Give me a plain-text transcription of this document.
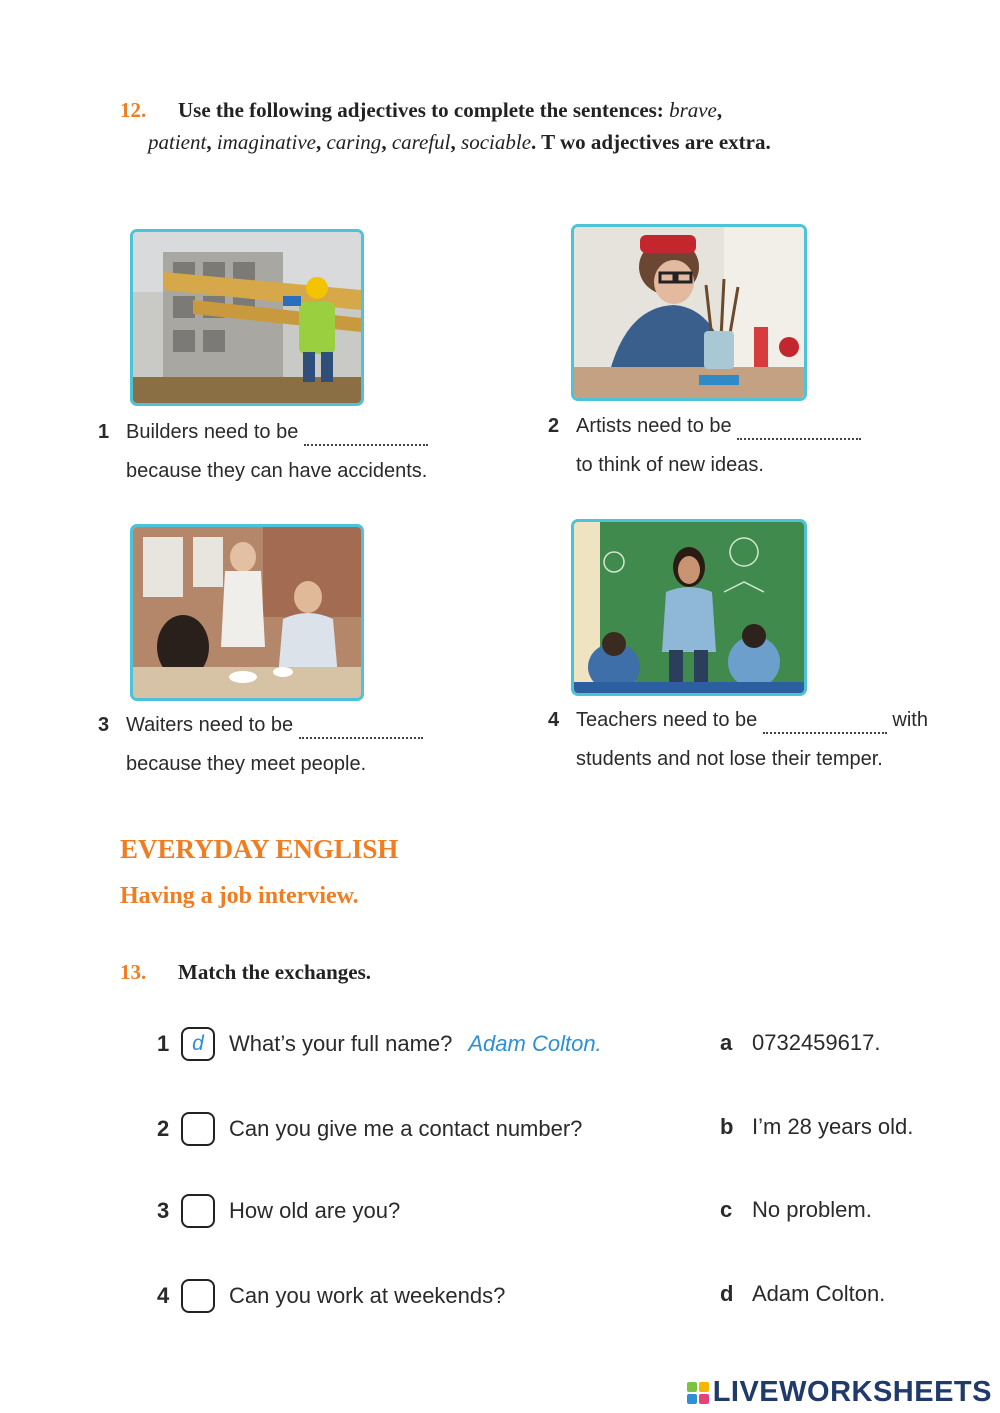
12. Use the following adjectives to complete the sentences: brave,
patient, imaginative, caring, careful, sociable. T wo adjectives are extra.
1 Builders need to be
because they can have accidents.
2 Artists need to be
to think of new ideas.
3 Waiters need to be
because they meet people.
4 Teachers need to be	with
students and not lose their temper.
EVERYDAY ENGLISH
Having a job interview.
13. Match the exchanges.
1	d	What’s your full name? Adam Colton.
2	Can you give me a contact number?
3	How old are you?
4	Can you work at weekends?
a 0732459617.
b I’m 28 years old.
c No problem.
d Adam Colton.
LIVEWORKSHEETS
